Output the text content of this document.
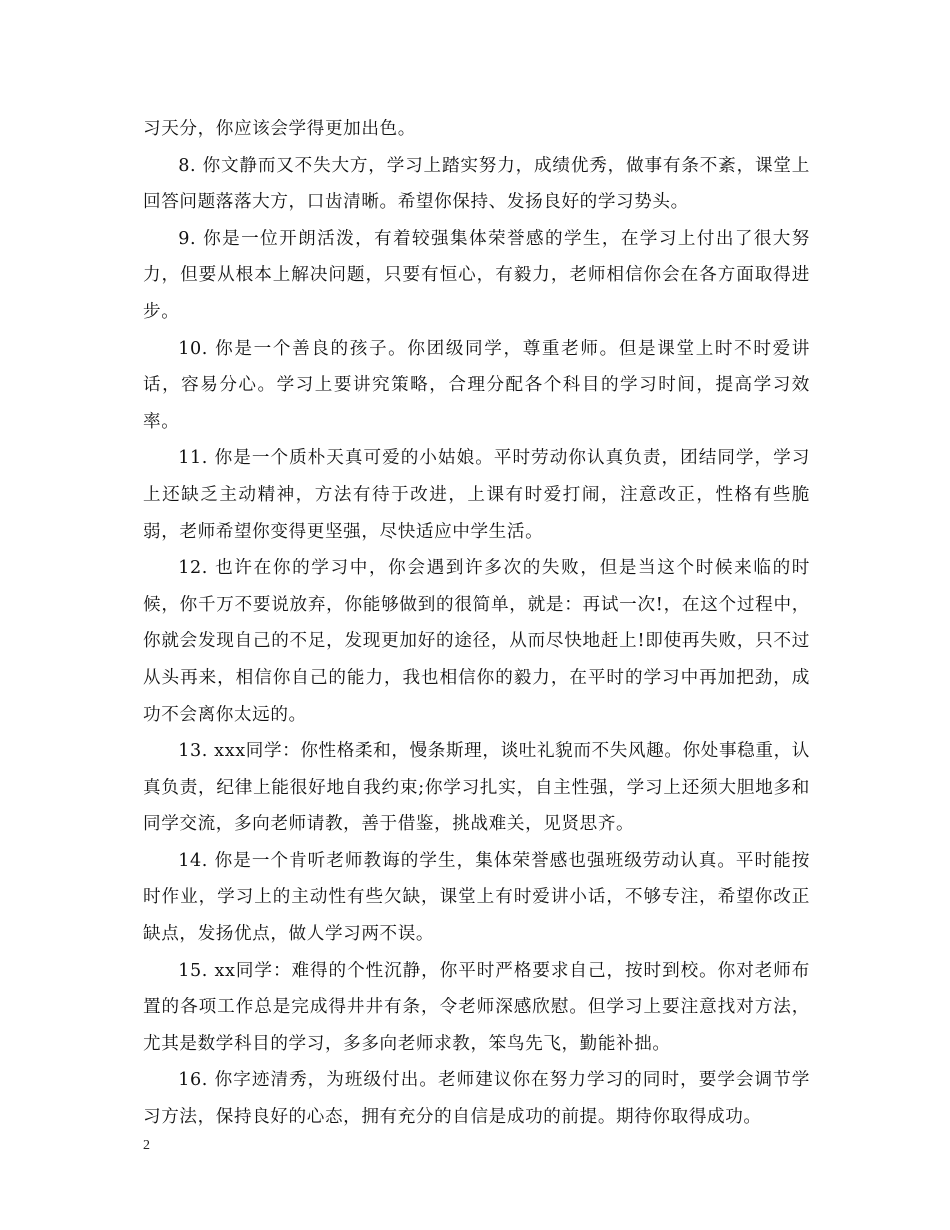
习天分，你应该会学得更加出色。

8. 你文静而又不失大方，学习上踏实努力，成绩优秀，做事有条不紊，课堂上回答问题落落大方，口齿清晰。希望你保持、发扬良好的学习势头。

9. 你是一位开朗活泼，有着较强集体荣誉感的学生，在学习上付出了很大努力，但要从根本上解决问题，只要有恒心，有毅力，老师相信你会在各方面取得进步。

10. 你是一个善良的孩子。你团级同学，尊重老师。但是课堂上时不时爱讲话，容易分心。学习上要讲究策略，合理分配各个科目的学习时间，提高学习效率。

11. 你是一个质朴天真可爱的小姑娘。平时劳动你认真负责，团结同学，学习上还缺乏主动精神，方法有待于改进，上课有时爱打闹，注意改正，性格有些脆弱，老师希望你变得更坚强，尽快适应中学生活。

12. 也许在你的学习中，你会遇到许多次的失败，但是当这个时候来临的时候，你千万不要说放弃，你能够做到的很简单，就是：再试一次!，在这个过程中，你就会发现自己的不足，发现更加好的途径，从而尽快地赶上!即使再失败，只不过从头再来，相信你自己的能力，我也相信你的毅力，在平时的学习中再加把劲，成功不会离你太远的。

13. xxx同学：你性格柔和，慢条斯理，谈吐礼貌而不失风趣。你处事稳重，认真负责，纪律上能很好地自我约束;你学习扎实，自主性强，学习上还须大胆地多和同学交流，多向老师请教，善于借鉴，挑战难关，见贤思齐。

14. 你是一个肯听老师教诲的学生，集体荣誉感也强班级劳动认真。平时能按时作业，学习上的主动性有些欠缺，课堂上有时爱讲小话，不够专注，希望你改正缺点，发扬优点，做人学习两不误。

15. xx同学：难得的个性沉静，你平时严格要求自己，按时到校。你对老师布置的各项工作总是完成得井井有条，令老师深感欣慰。但学习上要注意找对方法，尤其是数学科目的学习，多多向老师求教，笨鸟先飞，勤能补拙。

16. 你字迹清秀，为班级付出。老师建议你在努力学习的同时，要学会调节学习方法，保持良好的心态，拥有充分的自信是成功的前提。期待你取得成功。

2
